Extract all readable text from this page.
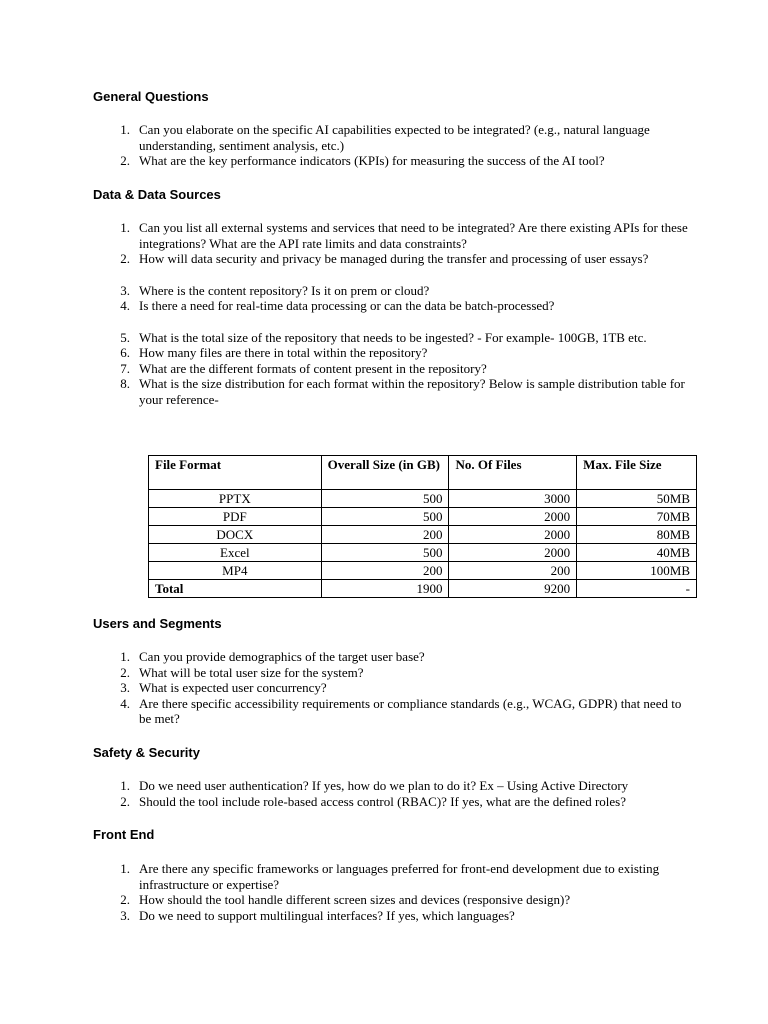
General Questions
1. Can you elaborate on the specific AI capabilities expected to be integrated? (e.g., natural language understanding, sentiment analysis, etc.)
2. What are the key performance indicators (KPIs) for measuring the success of the AI tool?
Data & Data Sources
1. Can you list all external systems and services that need to be integrated? Are there existing APIs for these integrations? What are the API rate limits and data constraints?
2. How will data security and privacy be managed during the transfer and processing of user essays?
3. Where is the content repository? Is it on prem or cloud?
4. Is there a need for real-time data processing or can the data be batch-processed?
5. What is the total size of the repository that needs to be ingested? - For example- 100GB, 1TB etc.
6. How many files are there in total within the repository?
7. What are the different formats of content present in the repository?
8. What is the size distribution for each format within the repository? Below is sample distribution table for your reference-
File Format	Overall Size (in GB)	No. Of Files	Max. File Size
PPTX	500	3000	50MB
PDF	500	2000	70MB
DOCX	200	2000	80MB
Excel	500	2000	40MB
MP4	200	200	100MB
Total	1900	9200	-
Users and Segments
1. Can you provide demographics of the target user base?
2. What will be total user size for the system?
3. What is expected user concurrency?
4. Are there specific accessibility requirements or compliance standards (e.g., WCAG, GDPR) that need to be met?
Safety & Security
1. Do we need user authentication? If yes, how do we plan to do it? Ex – Using Active Directory
2. Should the tool include role-based access control (RBAC)? If yes, what are the defined roles?
Front End
1. Are there any specific frameworks or languages preferred for front-end development due to existing infrastructure or expertise?
2. How should the tool handle different screen sizes and devices (responsive design)?
3. Do we need to support multilingual interfaces? If yes, which languages?
